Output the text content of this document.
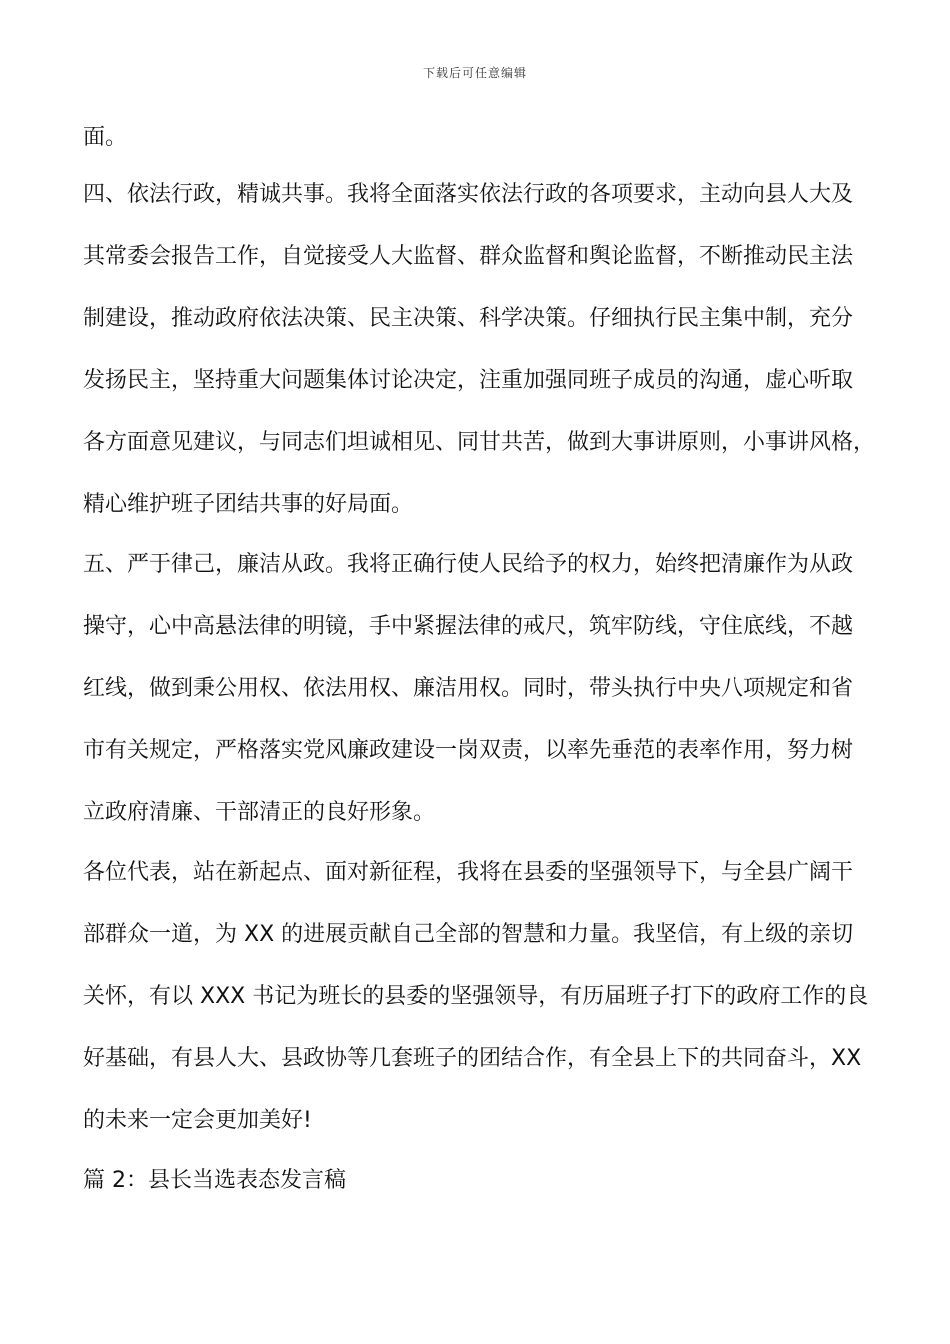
下载后可任意编辑
面。
四、依法行政，精诚共事。我将全面落实依法行政的各项要求，主动向县人大及
其常委会报告工作，自觉接受人大监督、群众监督和舆论监督，不断推动民主法
制建设，推动政府依法决策、民主决策、科学决策。仔细执行民主集中制，充分
发扬民主，坚持重大问题集体讨论决定，注重加强同班子成员的沟通，虚心听取
各方面意见建议，与同志们坦诚相见、同甘共苦，做到大事讲原则，小事讲风格，
精心维护班子团结共事的好局面。
五、严于律己，廉洁从政。我将正确行使人民给予的权力，始终把清廉作为从政
操守，心中高悬法律的明镜，手中紧握法律的戒尺，筑牢防线，守住底线，不越
红线，做到秉公用权、依法用权、廉洁用权。同时，带头执行中央八项规定和省
市有关规定，严格落实党风廉政建设一岗双责，以率先垂范的表率作用，努力树
立政府清廉、干部清正的良好形象。
各位代表，站在新起点、面对新征程，我将在县委的坚强领导下，与全县广阔干
部群众一道，为 XX 的进展贡献自己全部的智慧和力量。我坚信，有上级的亲切
关怀，有以 XXX 书记为班长的县委的坚强领导，有历届班子打下的政府工作的良
好基础，有县人大、县政协等几套班子的团结合作，有全县上下的共同奋斗，XX
的未来一定会更加美好!
篇 2：县长当选表态发言稿
